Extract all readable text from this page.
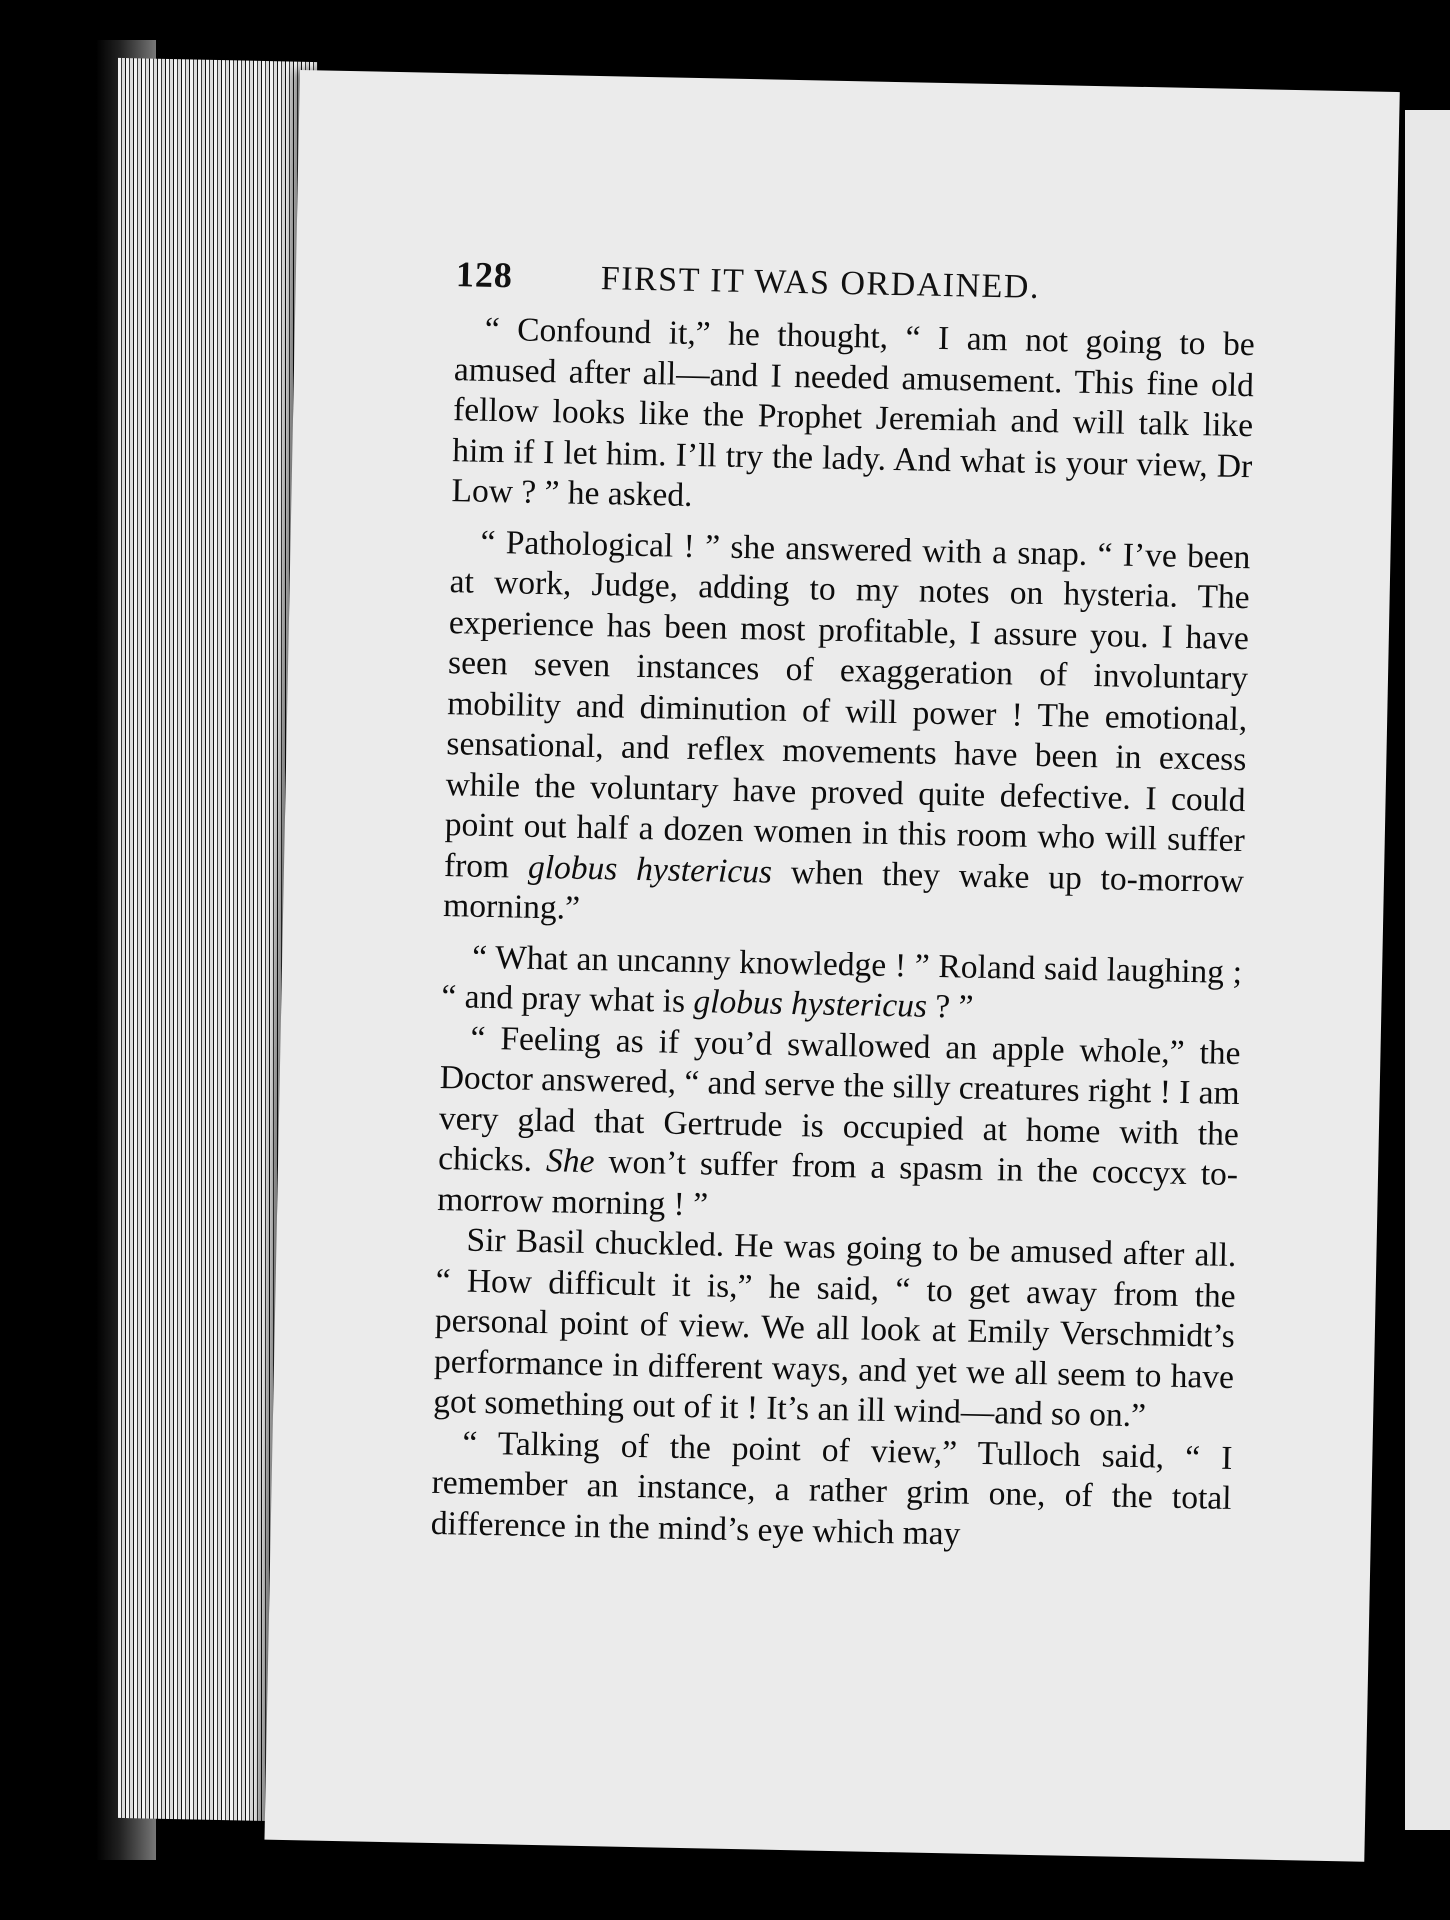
128	FIRST IT WAS ORDAINED.

“ Confound it,” he thought, “ I am not going to be amused after all—and I needed amusement. This fine old fellow looks like the Prophet Jeremiah and will talk like him if I let him. I’ll try the lady. And what is your view, Dr Low ? ” he asked.

“ Pathological ! ” she answered with a snap. “ I’ve been at work, Judge, adding to my notes on hysteria. The experience has been most profitable, I assure you. I have seen seven instances of exaggeration of involuntary mobility and diminution of will power ! The emotional, sensational, and reflex movements have been in excess while the voluntary have proved quite defective. I could point out half a dozen women in this room who will suffer from globus hystericus when they wake up to-morrow morning.”

“ What an uncanny knowledge ! ” Roland said laughing ; “ and pray what is globus hystericus ? ”

“ Feeling as if you’d swallowed an apple whole,” the Doctor answered, “ and serve the silly creatures right ! I am very glad that Gertrude is occupied at home with the chicks. She won’t suffer from a spasm in the coccyx to-morrow morning ! ”

Sir Basil chuckled. He was going to be amused after all. “ How difficult it is,” he said, “ to get away from the personal point of view. We all look at Emily Verschmidt’s performance in different ways, and yet we all seem to have got something out of it ! It’s an ill wind—and so on.”

“ Talking of the point of view,” Tulloch said, “ I remember an instance, a rather grim one, of the total difference in the mind’s eye which may
